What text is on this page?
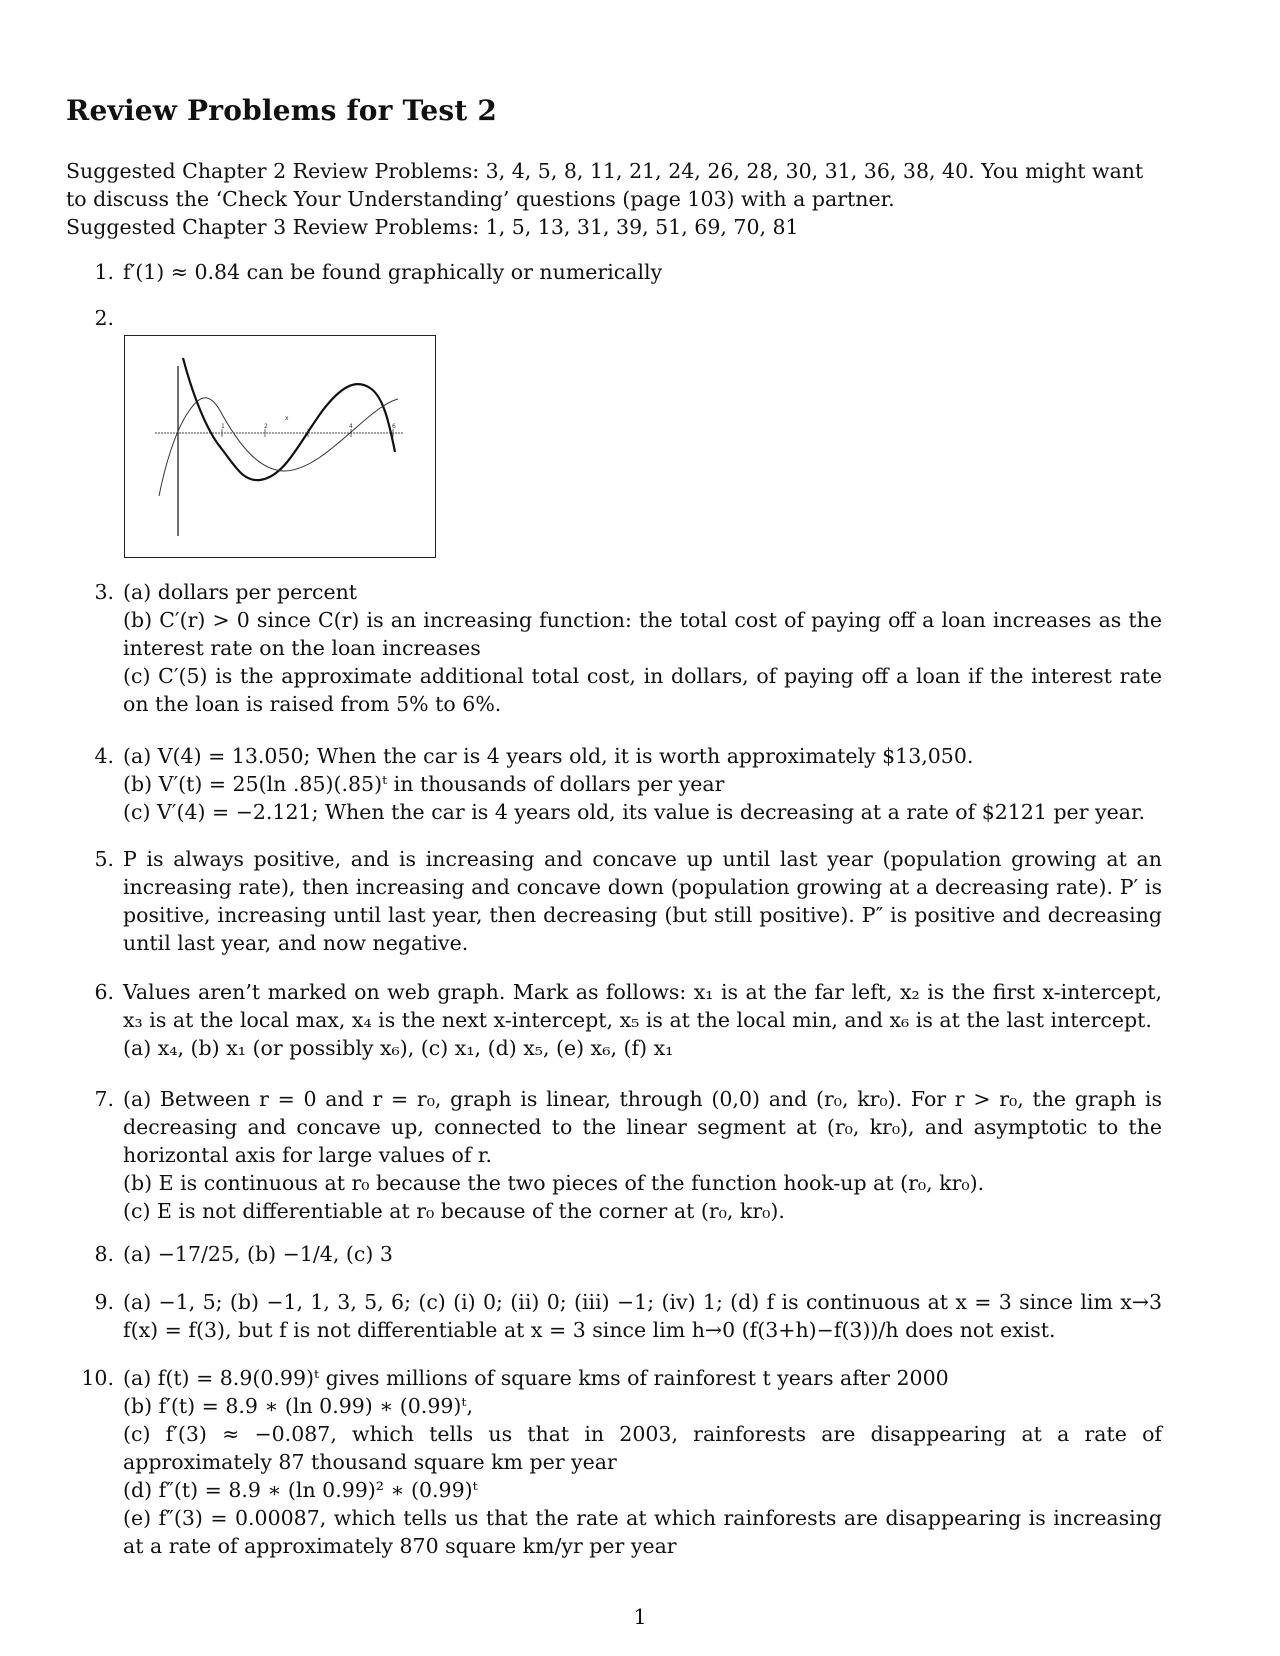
Review Problems for Test 2

Suggested Chapter 2 Review Problems: 3, 4, 5, 8, 11, 21, 24, 26, 28, 30, 31, 36, 38, 40. You might want to discuss the ‘Check Your Understanding’ questions (page 103) with a partner.

Suggested Chapter 3 Review Problems: 1, 5, 13, 31, 39, 51, 69, 70, 81

1. f′(1) ≈ 0.84 can be found graphically or numerically

2.
1	2
x
4	6
3. (a) dollars per percent

(b) C′(r) > 0 since C(r) is an increasing function: the total cost of paying off a loan increases as the interest rate on the loan increases

(c) C′(5) is the approximate additional total cost, in dollars, of paying off a loan if the interest rate on the loan is raised from 5% to 6%.

4. (a) V(4) = 13.050; When the car is 4 years old, it is worth approximately $13,050.

(b) V′(t) = 25(ln .85)(.85)ᵗ in thousands of dollars per year

(c) V′(4) = −2.121; When the car is 4 years old, its value is decreasing at a rate of $2121 per year.

5. P is always positive, and is increasing and concave up until last year (population growing at an increasing rate), then increasing and concave down (population growing at a decreasing rate). P′ is positive, increasing until last year, then decreasing (but still positive). P″ is positive and decreasing until last year, and now negative.

6. Values aren’t marked on web graph. Mark as follows: x₁ is at the far left, x₂ is the first x-intercept, x₃ is at the local max, x₄ is the next x-intercept, x₅ is at the local min, and x₆ is at the last intercept.

(a) x₄, (b) x₁ (or possibly x₆), (c) x₁, (d) x₅, (e) x₆, (f) x₁

7. (a) Between r = 0 and r = r₀, graph is linear, through (0,0) and (r₀, kr₀). For r > r₀, the graph is decreasing and concave up, connected to the linear segment at (r₀, kr₀), and asymptotic to the horizontal axis for large values of r.

(b) E is continuous at r₀ because the two pieces of the function hook-up at (r₀, kr₀).

(c) E is not differentiable at r₀ because of the corner at (r₀, kr₀).

8. (a) −17/25, (b) −1/4, (c) 3

9. (a) −1, 5; (b) −1, 1, 3, 5, 6; (c) (i) 0; (ii) 0; (iii) −1; (iv) 1; (d) f is continuous at x = 3 since lim x→3 f(x) = f(3), but f is not differentiable at x = 3 since lim h→0 (f(3+h)−f(3))/h does not exist.

10. (a) f(t) = 8.9(0.99)ᵗ gives millions of square kms of rainforest t years after 2000

(b) f′(t) = 8.9 ∗ (ln 0.99) ∗ (0.99)ᵗ,

(c) f′(3) ≈ −0.087, which tells us that in 2003, rainforests are disappearing at a rate of approximately 87 thousand square km per year

(d) f″(t) = 8.9 ∗ (ln 0.99)² ∗ (0.99)ᵗ

(e) f″(3) = 0.00087, which tells us that the rate at which rainforests are disappearing is increasing at a rate of approximately 870 square km/yr per year

1
